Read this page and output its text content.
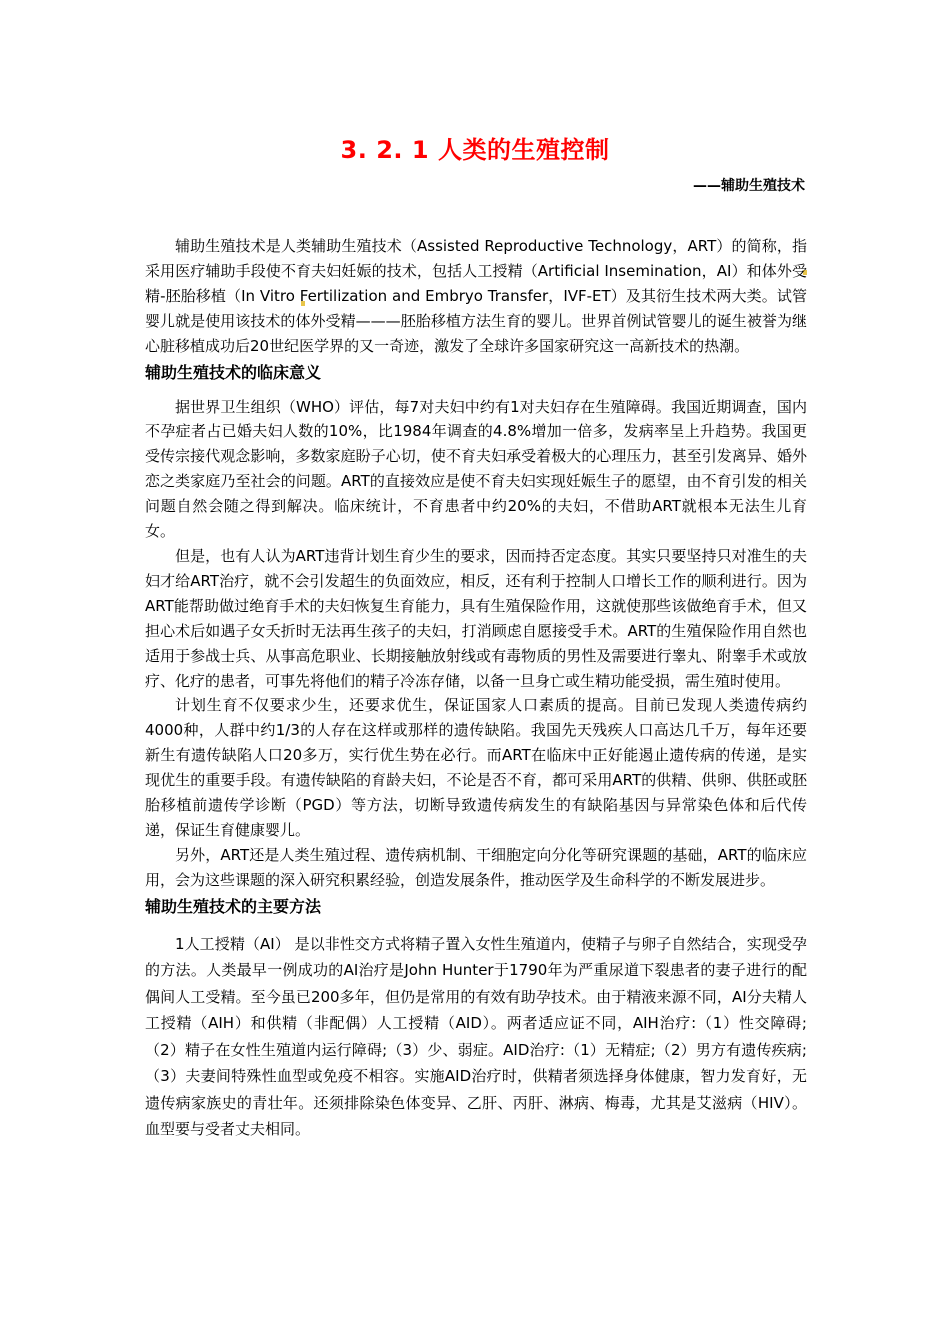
3. 2. 1 人类的生殖控制
——辅助生殖技术

辅助生殖技术是人类辅助生殖技术（Assisted Reproductive Technology，ART）的简称，指采用医疗辅助手段使不育夫妇妊娠的技术，包括人工授精（Artificial Insemination，AI）和体外受精-胚胎移植（In Vitro Fertilization and Embryo Transfer，IVF-ET）及其衍生技术两大类。试管婴儿就是使用该技术的体外受精———胚胎移植方法生育的婴儿。世界首例试管婴儿的诞生被誉为继心脏移植成功后20世纪医学界的又一奇迹，激发了全球许多国家研究这一高新技术的热潮。

辅助生殖技术的临床意义

据世界卫生组织（WHO）评估，每7对夫妇中约有1对夫妇存在生殖障碍。我国近期调查，国内不孕症者占已婚夫妇人数的10%，比1984年调查的4.8%增加一倍多，发病率呈上升趋势。我国更受传宗接代观念影响，多数家庭盼子心切，使不育夫妇承受着极大的心理压力，甚至引发离异、婚外恋之类家庭乃至社会的问题。ART的直接效应是使不育夫妇实现妊娠生子的愿望，由不育引发的相关问题自然会随之得到解决。临床统计，不育患者中约20%的夫妇，不借助ART就根本无法生儿育女。

但是，也有人认为ART违背计划生育少生的要求，因而持否定态度。其实只要坚持只对准生的夫妇才给ART治疗，就不会引发超生的负面效应，相反，还有利于控制人口增长工作的顺利进行。因为ART能帮助做过绝育手术的夫妇恢复生育能力，具有生殖保险作用，这就使那些该做绝育手术，但又担心术后如遇子女夭折时无法再生孩子的夫妇，打消顾虑自愿接受手术。ART的生殖保险作用自然也适用于参战士兵、从事高危职业、长期接触放射线或有毒物质的男性及需要进行睾丸、附睾手术或放疗、化疗的患者，可事先将他们的精子冷冻存储，以备一旦身亡或生精功能受损，需生殖时使用。

计划生育不仅要求少生，还要求优生，保证国家人口素质的提高。目前已发现人类遗传病约4000种，人群中约1/3的人存在这样或那样的遗传缺陷。我国先天残疾人口高达几千万，每年还要新生有遗传缺陷人口20多万，实行优生势在必行。而ART在临床中正好能遏止遗传病的传递，是实现优生的重要手段。有遗传缺陷的育龄夫妇，不论是否不育，都可采用ART的供精、供卵、供胚或胚胎移植前遗传学诊断（PGD）等方法，切断导致遗传病发生的有缺陷基因与异常染色体和后代传递，保证生育健康婴儿。

另外，ART还是人类生殖过程、遗传病机制、干细胞定向分化等研究课题的基础，ART的临床应用，会为这些课题的深入研究积累经验，创造发展条件，推动医学及生命科学的不断发展进步。

辅助生殖技术的主要方法

1人工授精（AI） 是以非性交方式将精子置入女性生殖道内，使精子与卵子自然结合，实现受孕的方法。人类最早一例成功的AI治疗是John Hunter于1790年为严重尿道下裂患者的妻子进行的配偶间人工受精。至今虽已200多年，但仍是常用的有效有助孕技术。由于精液来源不同，AI分夫精人工授精（AIH）和供精（非配偶）人工授精（AID）。两者适应证不同，AIH治疗:（1）性交障碍;（2）精子在女性生殖道内运行障碍;（3）少、弱症。AID治疗:（1）无精症;（2）男方有遗传疾病;（3）夫妻间特殊性血型或免疫不相容。实施AID治疗时，供精者须选择身体健康，智力发育好，无遗传病家族史的青壮年。还须排除染色体变异、乙肝、丙肝、淋病、梅毒，尤其是艾滋病（HIV）。血型要与受者丈夫相同。
